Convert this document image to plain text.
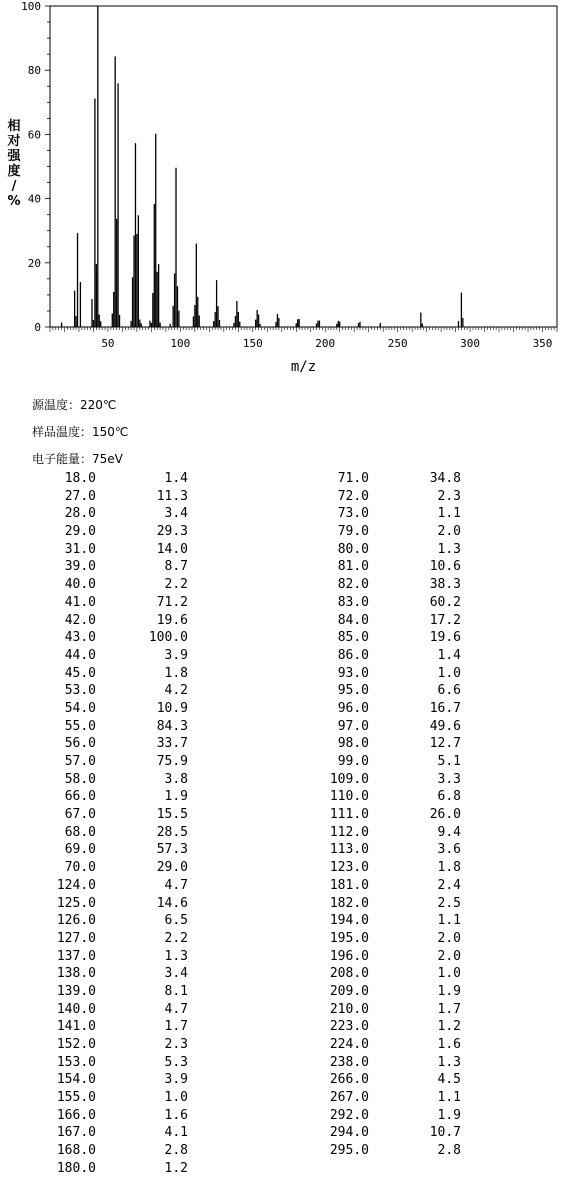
50	100	150	200	250	300	350
0
20
40
60
80
100
m/z
相对强度/ %
源温度：220℃
样品温度：150℃
电子能量：75eV
18.0	1.4
27.0	11.3
28.0	3.4
29.0	29.3
31.0	14.0
39.0	8.7
40.0	2.2
41.0	71.2
42.0	19.6
43.0	100.0
44.0	3.9
45.0	1.8
53.0	4.2
54.0	10.9
55.0	84.3
56.0	33.7
57.0	75.9
58.0	3.8
66.0	1.9
67.0	15.5
68.0	28.5
69.0	57.3
70.0	29.0
124.0	4.7
125.0	14.6
126.0	6.5
127.0	2.2
137.0	1.3
138.0	3.4
139.0	8.1
140.0	4.7
141.0	1.7
152.0	2.3
153.0	5.3
154.0	3.9
155.0	1.0
166.0	1.6
167.0	4.1
168.0	2.8
180.0	1.2
71.0	34.8
72.0	2.3
73.0	1.1
79.0	2.0
80.0	1.3
81.0	10.6
82.0	38.3
83.0	60.2
84.0	17.2
85.0	19.6
86.0	1.4
93.0	1.0
95.0	6.6
96.0	16.7
97.0	49.6
98.0	12.7
99.0	5.1
109.0	3.3
110.0	6.8
111.0	26.0
112.0	9.4
113.0	3.6
123.0	1.8
181.0	2.4
182.0	2.5
194.0	1.1
195.0	2.0
196.0	2.0
208.0	1.0
209.0	1.9
210.0	1.7
223.0	1.2
224.0	1.6
238.0	1.3
266.0	4.5
267.0	1.1
292.0	1.9
294.0	10.7
295.0	2.8
